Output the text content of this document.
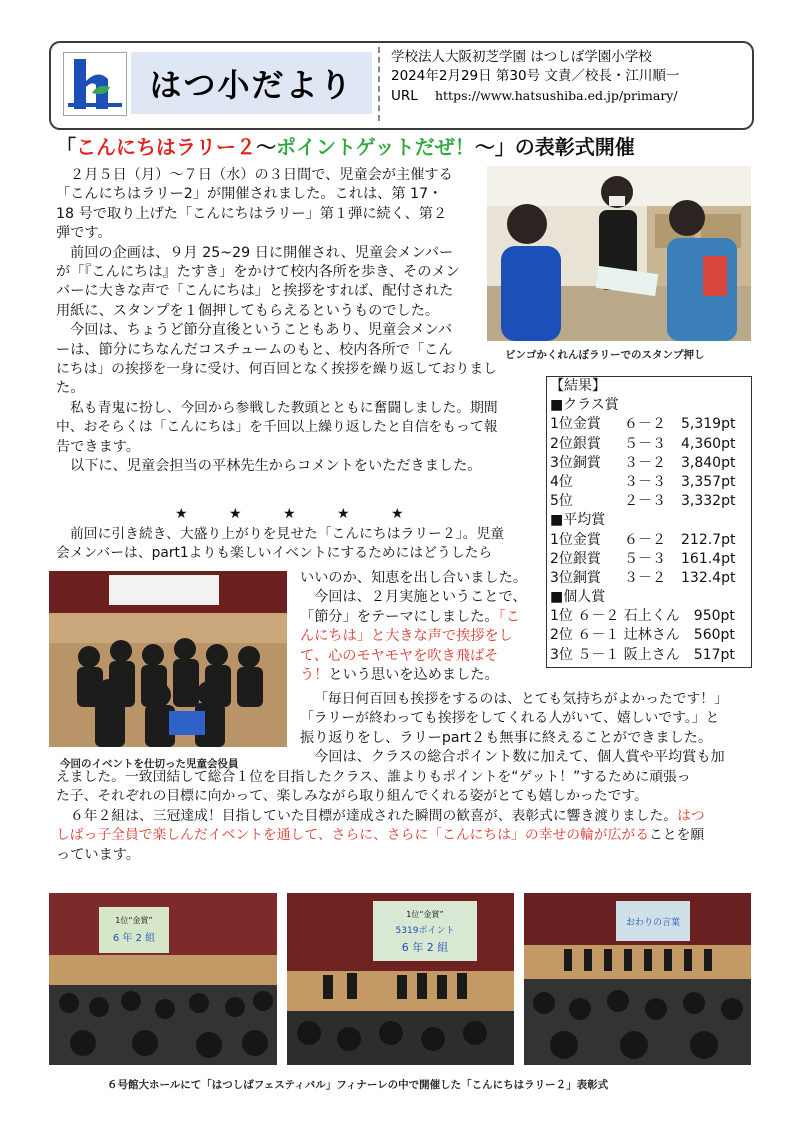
はつ小だより
学校法人大阪初芝学園 はつしば学園小学校
2024年2月29日 第30号 文責／校長・江川順一
URL https://www.hatsushiba.ed.jp/primary/
「こんにちはラリー２～ポイントゲットだぜ！～」の表彰式開催
２月５日（月）～７日（水）の３日間で、児童会が主催する
「こんにちはラリー2」が開催されました。これは、第 17・
18 号で取り上げた「こんにちはラリー」第１弾に続く、第２
弾です。
前回の企画は、９月 25~29 日に開催され、児童会メンバー
が「『こんにちは』たすき」をかけて校内各所を歩き、そのメン
バーに大きな声で「こんにちは」と挨拶をすれば、配付された
用紙に、スタンプを１個押してもらえるというものでした。
今回は、ちょうど節分直後ということもあり、児童会メンバ
ーは、節分にちなんだコスチュームのもと、校内各所で「こん
にちは」の挨拶を一身に受け、何百回となく挨拶を繰り返しておりまし
た。
私も青鬼に扮し、今回から参戦した教頭とともに奮闘しました。期間
中、おそらくは「こんにちは」を千回以上繰り返したと自信をもって報
告できます。
以下に、児童会担当の平林先生からコメントをいただきました。
★	★	★	★	★
前回に引き続き、大盛り上がりを見せた「こんにちはラリー２」。児童
会メンバーは、part1よりも楽しいイベントにするためにはどうしたら
いいのか、知恵を出し合いました。
今回は、２月実施ということで、
「節分」をテーマにしました。「こ
んにちは」と大きな声で挨拶をし
て、心のモヤモヤを吹き飛ばそ
う！という思いを込めました。
「毎日何百回も挨拶をするのは、とても気持ちがよかったです！」
「ラリーが終わっても挨拶をしてくれる人がいて、嬉しいです。」と
振り返りをし、ラリーpart２も無事に終えることができました。
今回は、クラスの総合ポイント数に加えて、個人賞や平均賞も加
えました。一致団結して総合１位を目指したクラス、誰よりもポイントを“ゲット！”するために頑張っ
た子、それぞれの目標に向かって、楽しみながら取り組んでくれる姿がとても嬉しかったです。
６年２組は、三冠達成！目指していた目標が達成された瞬間の歓喜が、表彰式に響き渡りました。はつ
しばっ子全員で楽しんだイベントを通して、さらに、さらに「こんにちは」の幸せの輪が広がることを願
っています。
ビンゴかくれんぼラリーでのスタンプ押し
【結果】
■クラス賞
1位金賞 ６－２ 5,319pt
2位銀賞 ５－３ 4,360pt
3位銅賞 ３－２ 3,840pt
4位	３－３ 3,357pt
5位	２－３ 3,332pt
■平均賞
1位金賞 ６－２ 212.7pt
2位銀賞 ５－３ 161.4pt
3位銅賞 ３－２ 132.4pt
■個人賞
1位 ６－２ 石上くん　950pt
2位 ６－１ 辻林さん　560pt
3位 ５－１ 阪上さん　517pt
今回のイベントを仕切った児童会役員
1位“金賞”
6 年 2 組
1位“金賞”
5319ポイント
6 年 2 組
おわりの言葉
６号館大ホールにて「はつしばフェスティバル」フィナーレの中で開催した「こんにちはラリー２」表彰式
